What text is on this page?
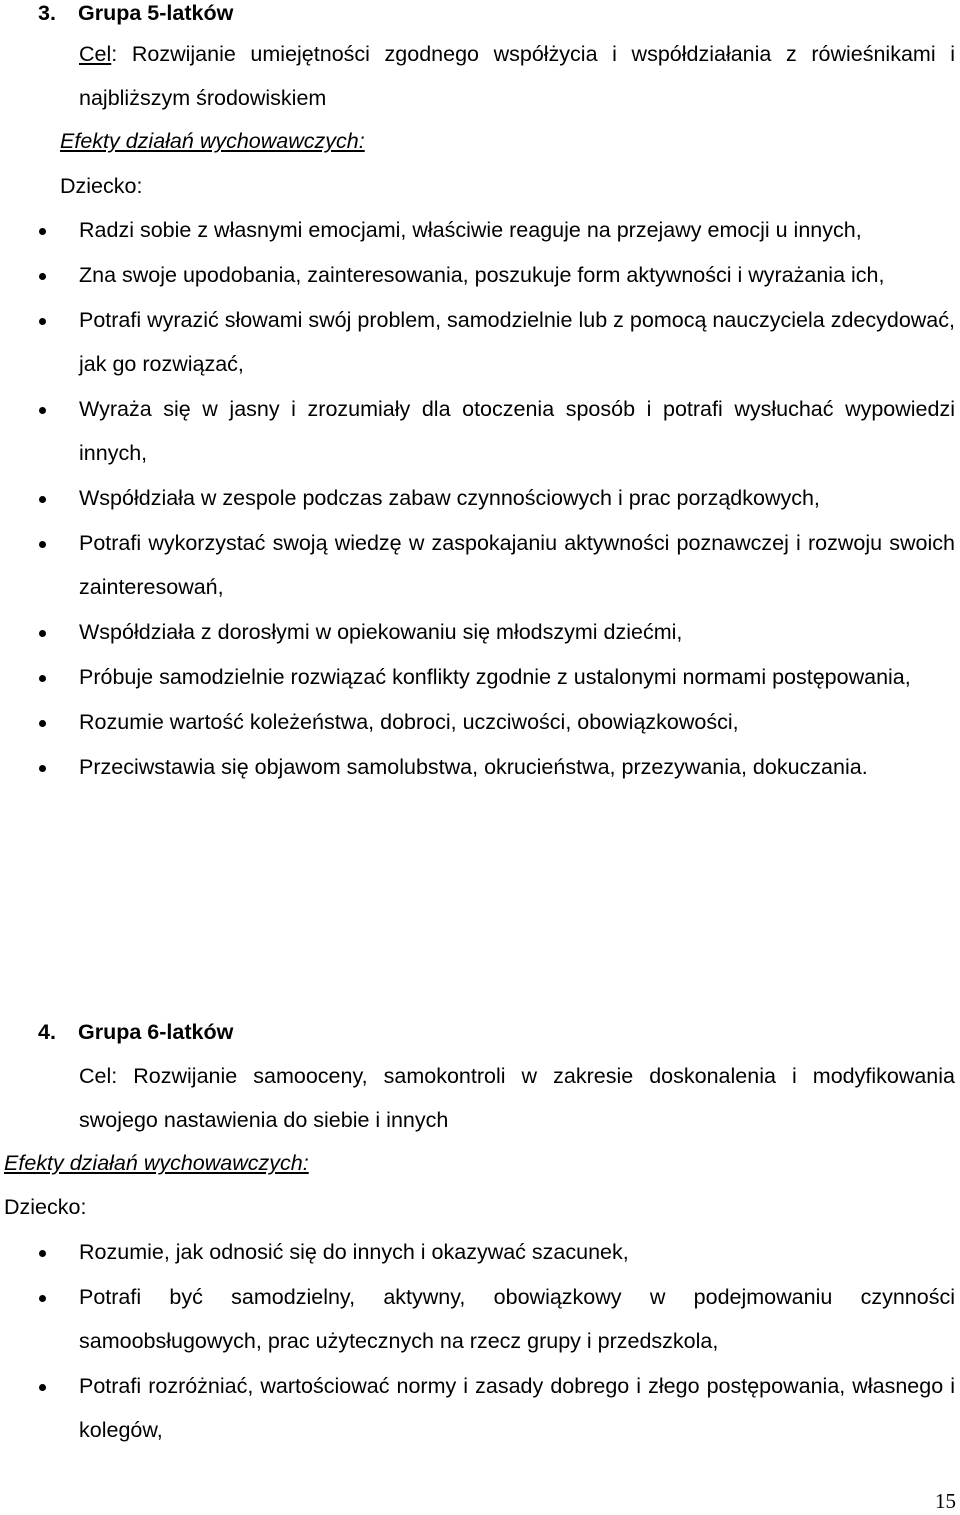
3. Grupa 5-latków
Cel: Rozwijanie umiejętności zgodnego współżycia i współdziałania z rówieśnikami i najbliższym środowiskiem
Efekty działań wychowawczych:
Dziecko:
Radzi sobie z własnymi emocjami, właściwie reaguje na przejawy emocji u innych,
Zna swoje upodobania, zainteresowania, poszukuje form aktywności i wyrażania ich,
Potrafi wyrazić słowami swój problem, samodzielnie lub z pomocą nauczyciela zdecydować, jak go rozwiązać,
Wyraża się w jasny i zrozumiały dla otoczenia sposób i potrafi wysłuchać wypowiedzi innych,
Współdziała w zespole podczas zabaw czynnościowych i prac porządkowych,
Potrafi wykorzystać swoją wiedzę w zaspokajaniu aktywności poznawczej i rozwoju swoich zainteresowań,
Współdziała z dorosłymi w opiekowaniu się młodszymi dziećmi,
Próbuje samodzielnie rozwiązać konflikty zgodnie z ustalonymi normami postępowania,
Rozumie wartość koleżeństwa, dobroci, uczciwości, obowiązkowości,
Przeciwstawia się objawom samolubstwa, okrucieństwa, przezywania, dokuczania.
4. Grupa 6-latków
Cel: Rozwijanie samooceny, samokontroli w zakresie doskonalenia i modyfikowania swojego nastawienia do siebie i innych
Efekty działań wychowawczych:
Dziecko:
Rozumie, jak odnosić się do innych i okazywać szacunek,
Potrafi być samodzielny, aktywny, obowiązkowy w podejmowaniu czynności samoobsługowych, prac użytecznych na rzecz grupy i przedszkola,
Potrafi rozróżniać, wartościować normy i zasady dobrego i złego postępowania, własnego i kolegów,
15
